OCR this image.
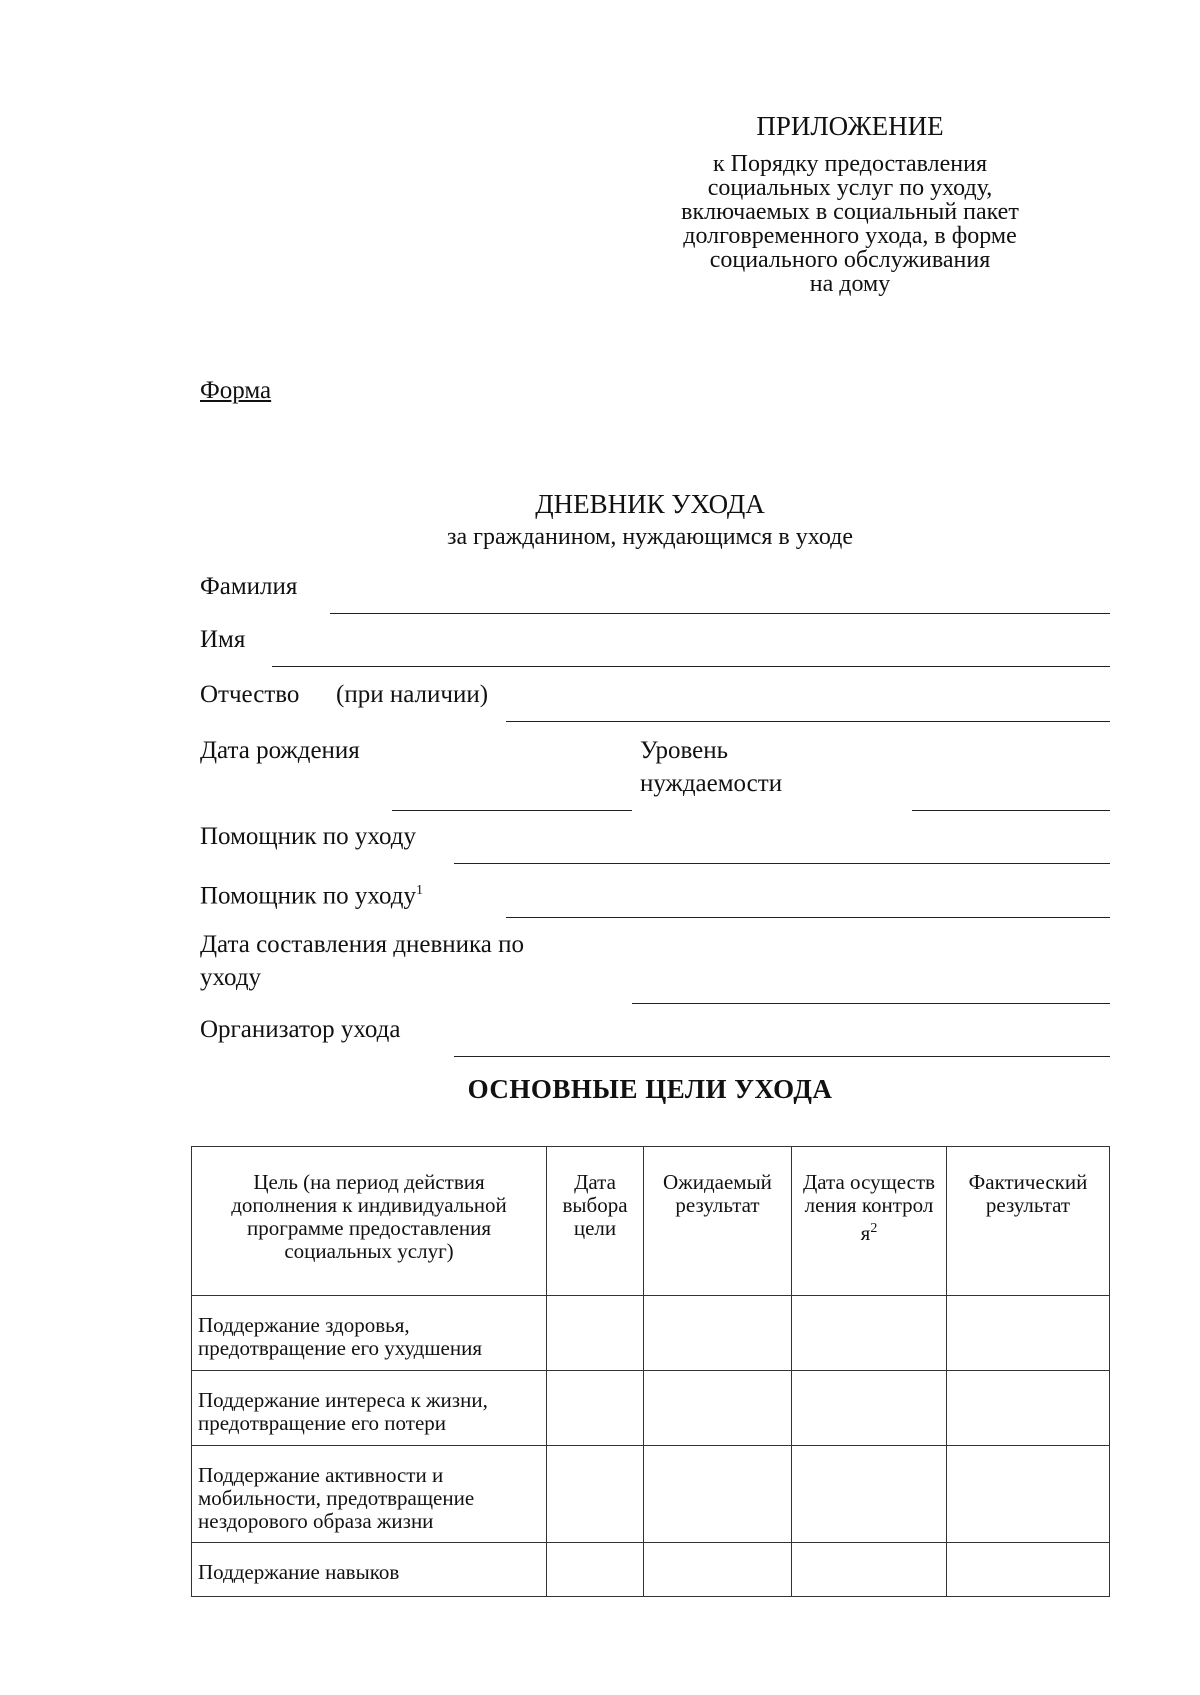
ПРИЛОЖЕНИЕ
к Порядку предоставления
социальных услуг по уходу,
включаемых в социальный пакет
долговременного ухода, в форме
социального обслуживания
на дому
Форма
ДНЕВНИК УХОДА
за гражданином, нуждающимся в уходе
Фамилия
Имя
Отчество (при наличии)
Дата рождения	Уровень
нуждаемости
Помощник по уходу
Помощник по уходу$^1$
Дата составления дневника по
уходу
Организатор ухода
ОСНОВНЫЕ ЦЕЛИ УХОДА
Цель (на период действия дополнения к индивидуальной программе предоставления социальных услуг)	Дата выбора цели	Ожидаемый результат	Дата осуществления контроля$^2$	Фактический результат

Поддержание здоровья, предотвращение его ухудшения				
Поддержание интереса к жизни, предотвращение его потери				
Поддержание активности и мобильности, предотвращение нездорового образа жизни				
Поддержание навыков				
